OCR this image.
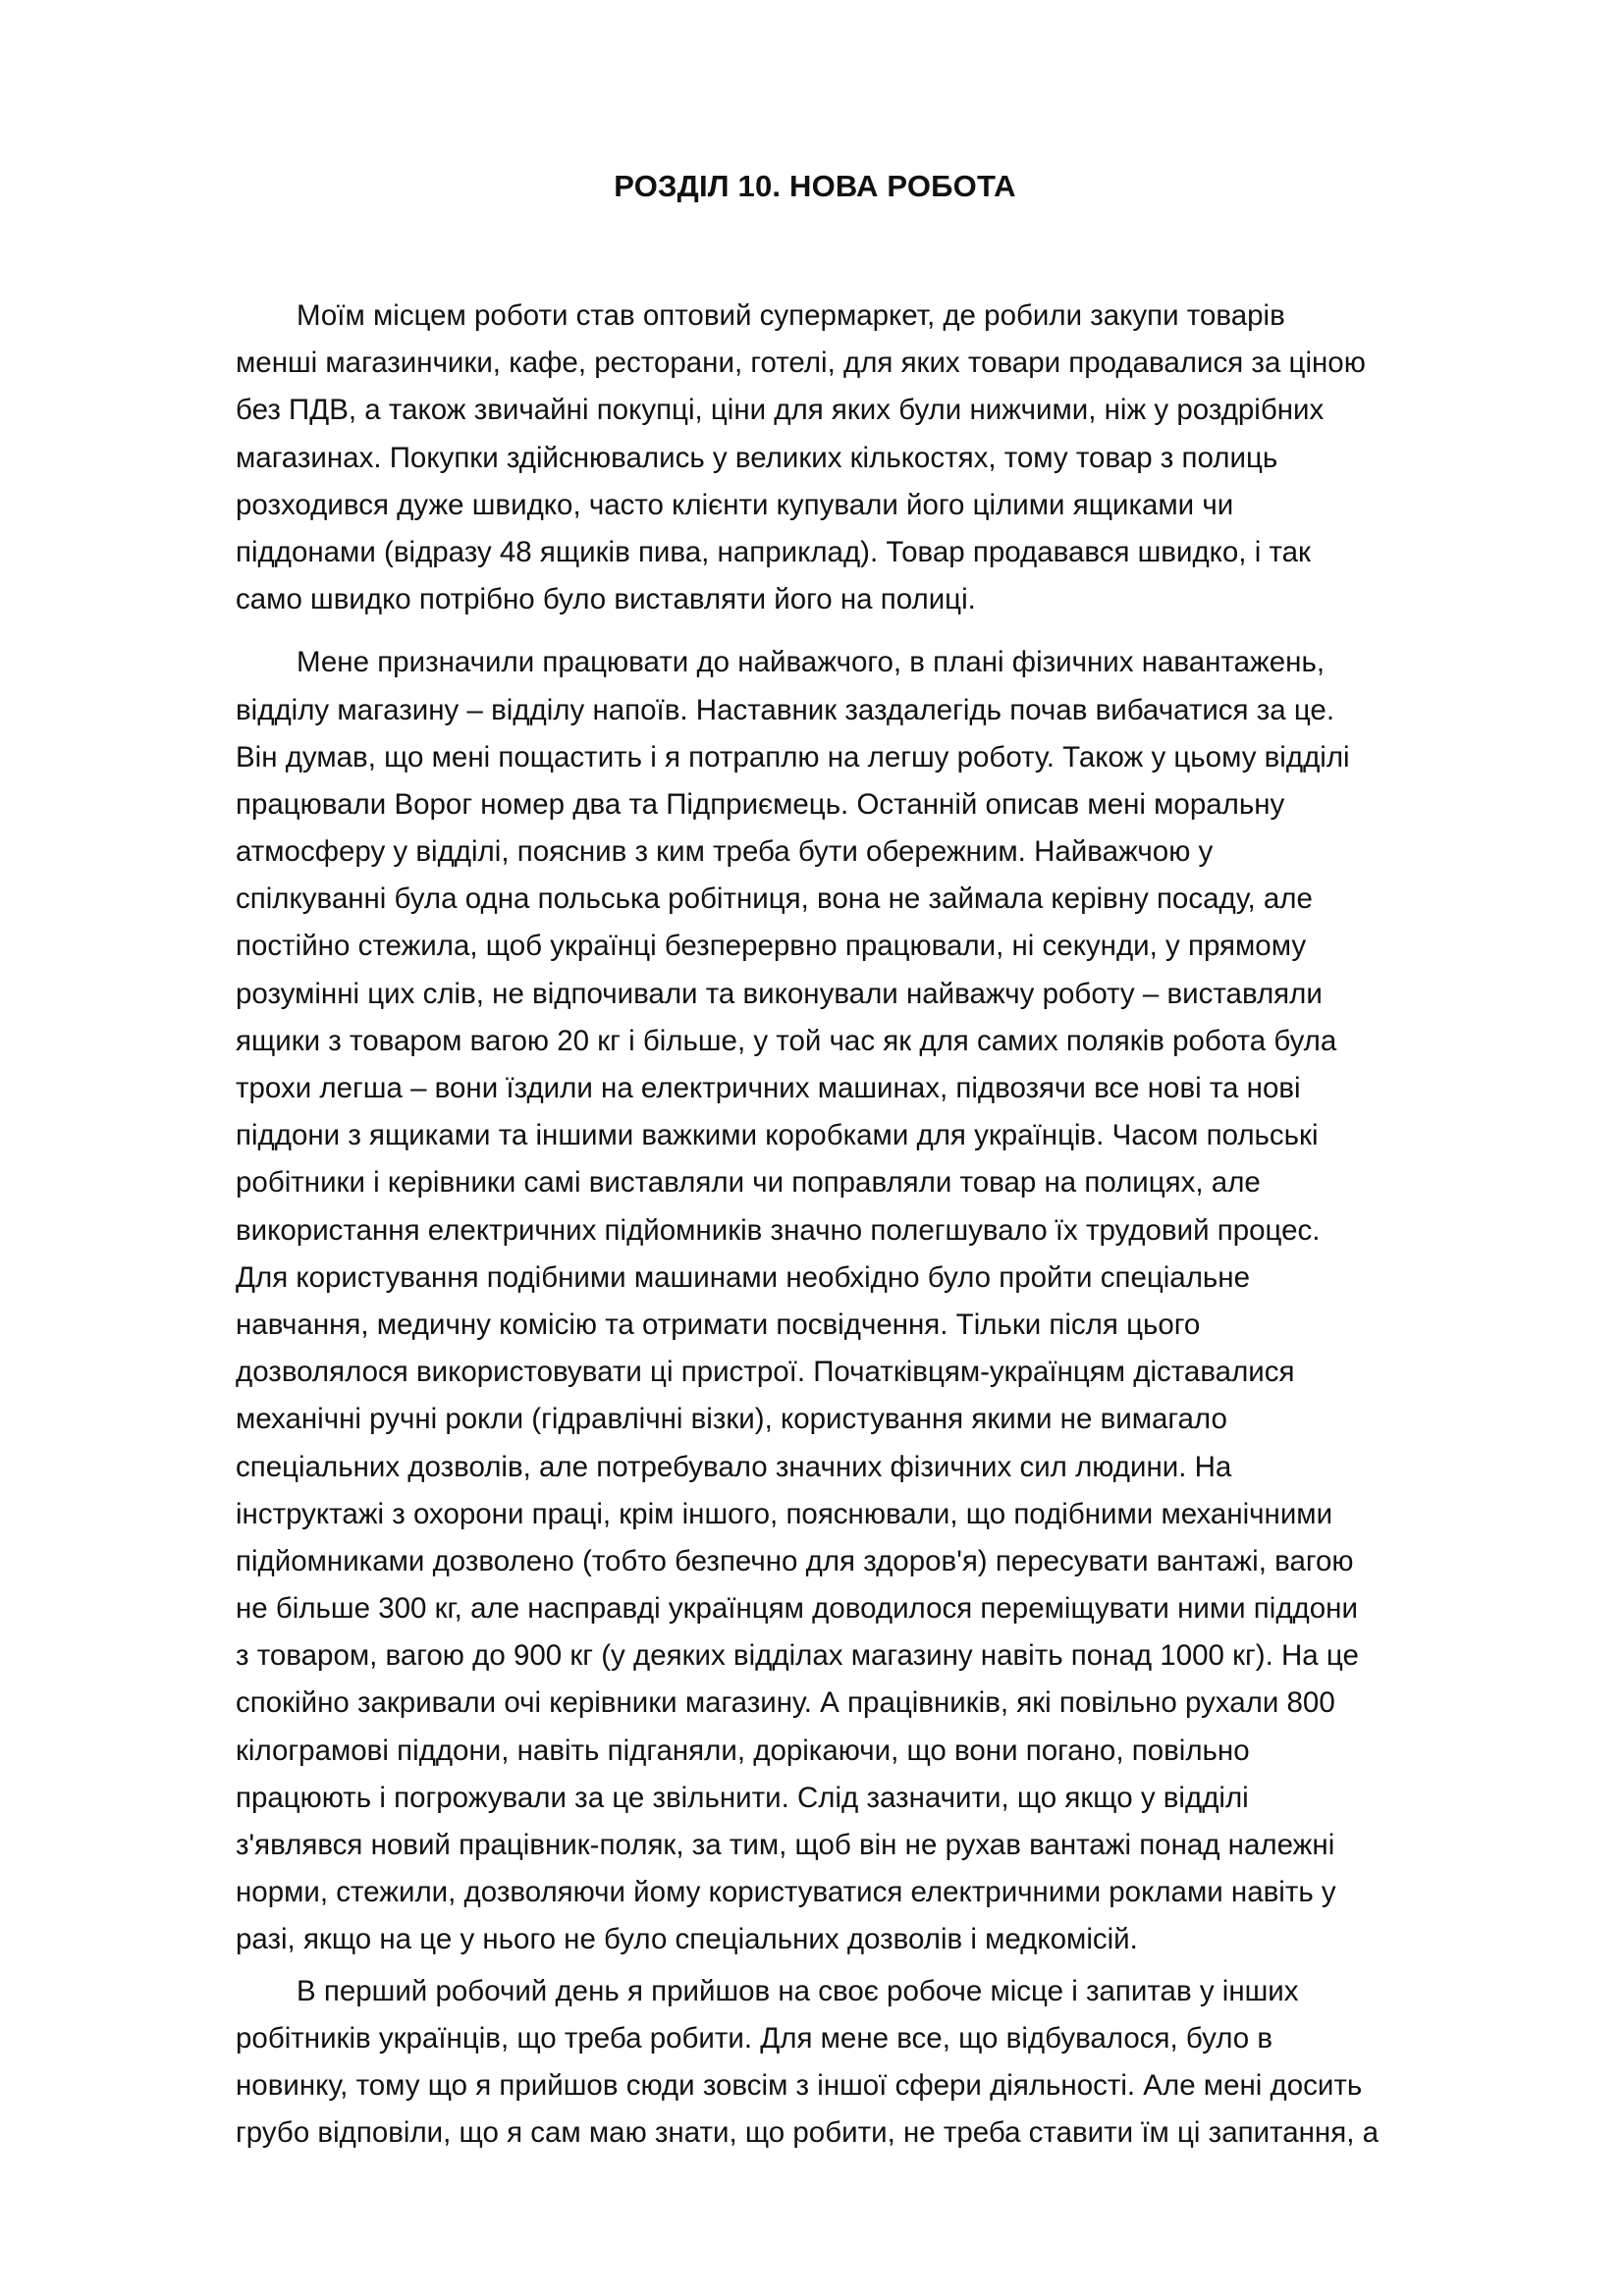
РОЗДІЛ 10. НОВА РОБОТА
Моїм місцем роботи став оптовий супермаркет, де робили закупи товарів
менші магазинчики, кафе, ресторани, готелі, для яких товари продавалися за ціною
без ПДВ, а також звичайні покупці, ціни для яких були нижчими, ніж у роздрібних
магазинах. Покупки здійснювались у великих кількостях, тому товар з полиць
розходився дуже швидко, часто клієнти купували його цілими ящиками чи
піддонами (відразу 48 ящиків пива, наприклад). Товар продавався швидко, і так
само швидко потрібно було виставляти його на полиці.
Мене призначили працювати до найважчого, в плані фізичних навантажень,
відділу магазину – відділу напоїв. Наставник заздалегідь почав вибачатися за це.
Він думав, що мені пощастить і я потраплю на легшу роботу. Також у цьому відділі
працювали Ворог номер два та Підприємець. Останній описав мені моральну
атмосферу у відділі, пояснив з ким треба бути обережним. Найважчою у
спілкуванні була одна польська робітниця, вона не займала керівну посаду, але
постійно стежила, щоб українці безперервно працювали, ні секунди, у прямому
розумінні цих слів, не відпочивали та виконували найважчу роботу – виставляли
ящики з товаром вагою 20 кг і більше, у той час як для самих поляків робота була
трохи легша – вони їздили на електричних машинах, підвозячи все нові та нові
піддони з ящиками та іншими важкими коробками для українців. Часом польські
робітники і керівники самі виставляли чи поправляли товар на полицях, але
використання електричних підйомників значно полегшувало їх трудовий процес.
Для користування подібними машинами необхідно було пройти спеціальне
навчання, медичну комісію та отримати посвідчення. Тільки після цього
дозволялося використовувати ці пристрої. Початківцям-українцям діставалися
механічні ручні рокли (гідравлічні візки), користування якими не вимагало
спеціальних дозволів, але потребувало значних фізичних сил людини. На
інструктажі з охорони праці, крім іншого, пояснювали, що подібними механічними
підйомниками дозволено (тобто безпечно для здоров'я) пересувати вантажі, вагою
не більше 300 кг, але насправді українцям доводилося переміщувати ними піддони
з товаром, вагою до 900 кг (у деяких відділах магазину навіть понад 1000 кг). На це
спокійно закривали очі керівники магазину. А працівників, які повільно рухали 800
кілограмові піддони, навіть підганяли, дорікаючи, що вони погано, повільно
працюють і погрожували за це звільнити. Слід зазначити, що якщо у відділі
з'являвся новий працівник-поляк, за тим, щоб він не рухав вантажі понад належні
норми, стежили, дозволяючи йому користуватися електричними роклами навіть у
разі, якщо на це у нього не було спеціальних дозволів і медкомісій.
В перший робочий день я прийшов на своє робоче місце і запитав у інших
робітників українців, що треба робити. Для мене все, що відбувалося, було в
новинку, тому що я прийшов сюди зовсім з іншої сфери діяльності. Але мені досить
грубо відповіли, що я сам маю знати, що робити, не треба ставити їм ці запитання, а
